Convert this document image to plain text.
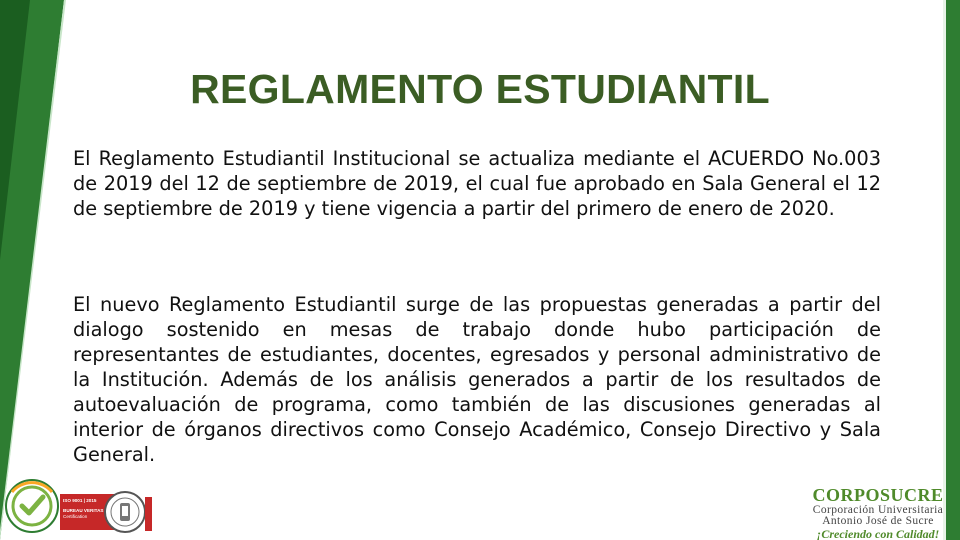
REGLAMENTO ESTUDIANTIL

El Reglamento Estudiantil Institucional se actualiza mediante el ACUERDO No.003 de 2019 del 12 de septiembre de 2019, el cual fue aprobado en Sala General el 12 de septiembre de 2019 y tiene vigencia a partir del primero de enero de 2020.

El nuevo Reglamento Estudiantil surge de las propuestas generadas a partir del dialogo sostenido en mesas de trabajo donde hubo participación de representantes de estudiantes, docentes, egresados y personal administrativo de la Institución. Además de los análisis generados a partir de los resultados de autoevaluación de programa, como también de las discusiones generadas al interior de órganos directivos como Consejo Académico, Consejo Directivo y Sala General.

ISO 9001 | 2015
BUREAU VERITAS
Certification
CORPOSUCRE
Corporación Universitaria
Antonio José de Sucre
¡Creciendo con Calidad!
